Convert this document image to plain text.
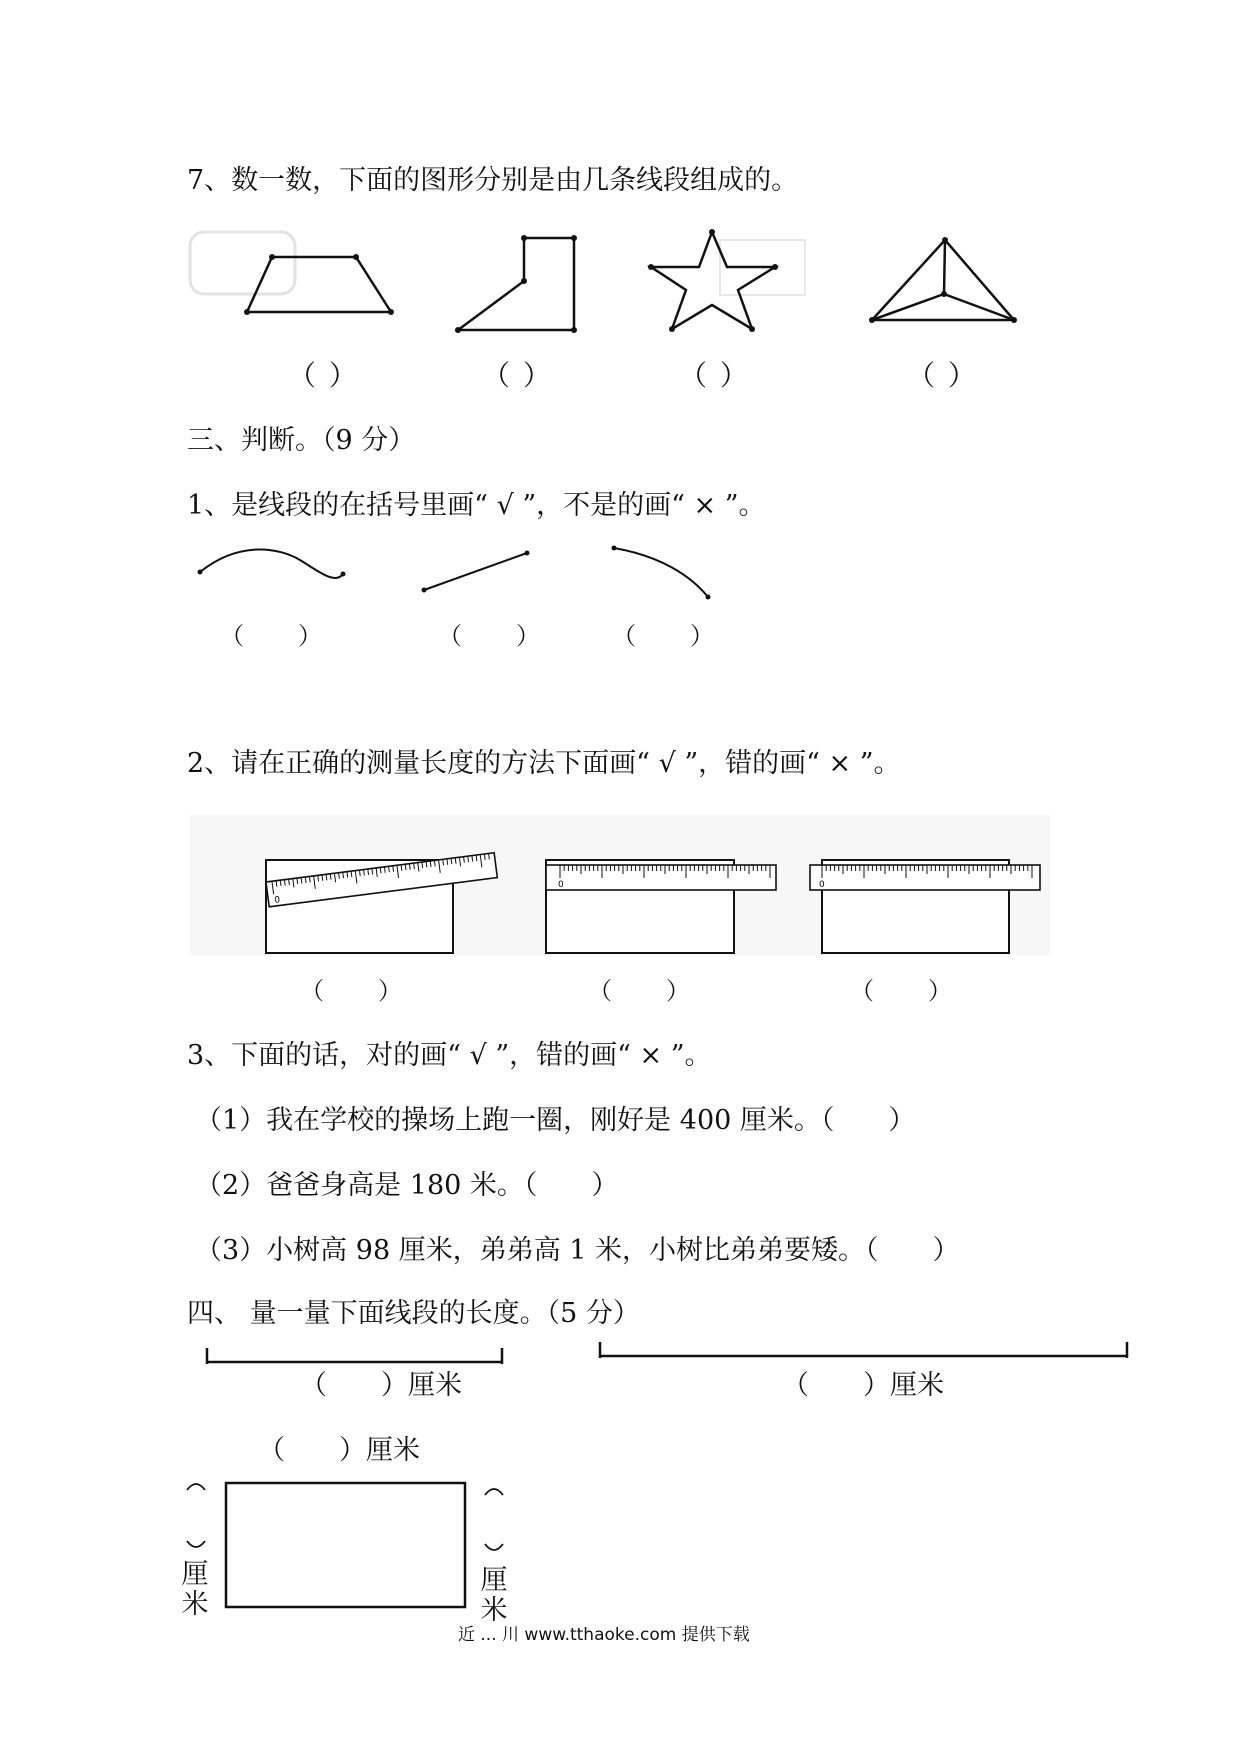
7、数一数，下面的图形分别是由几条线段组成的。
（ ）	（ ）	（ ）	（ ）
三、判断。（9 分）
1、是线段的在括号里画“ √ ”，不是的画“ × ”。
（　　）	（　　）	（　　）
2、请在正确的测量长度的方法下面画“ √ ”，错的画“ × ”。
0
0	0
（　　）	（　　）	（　　）
3、下面的话，对的画“ √ ”，错的画“ × ”。
（1）我在学校的操场上跑一圈，刚好是 400 厘米。（　　）
（2）爸爸身高是 180 米。（　　）
（3）小树高 98 厘米，弟弟高 1 米，小树比弟弟要矮。（　　）
四、 量一量下面线段的长度。（5 分）
（　　）厘米	（　　）厘米
（　　）厘米
厘米
厘米
近 ... 川 www.tthaoke.com 提供下载
